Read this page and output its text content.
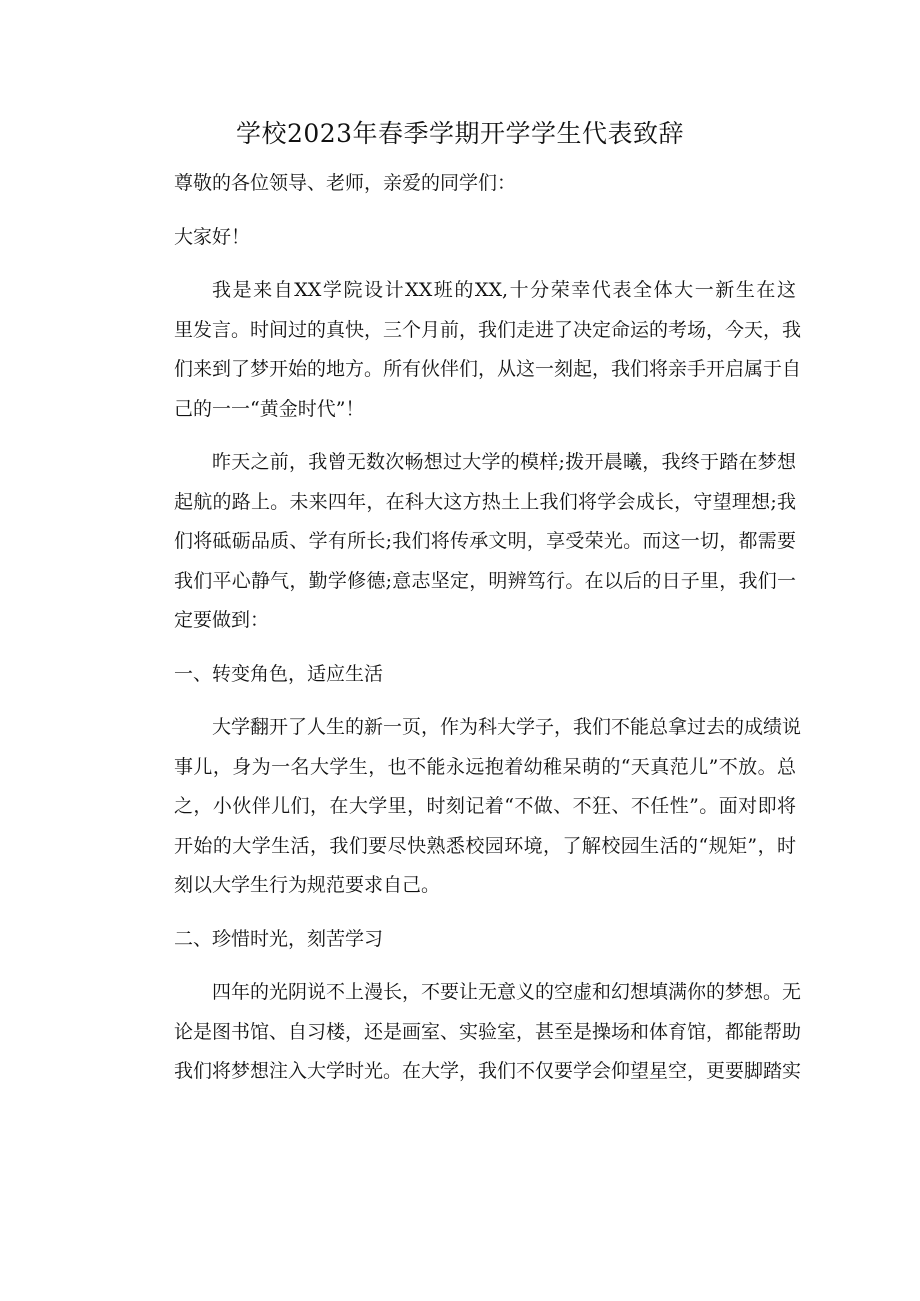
学校2023年春季学期开学学生代表致辞
尊敬的各位领导、老师，亲爱的同学们：
大家好！
我是来自XX学院设计XX班的XX,十分荣幸代表全体大一新生在这
里发言。时间过的真快，三个月前，我们走进了决定命运的考场，今天，我
们来到了梦开始的地方。所有伙伴们，从这一刻起，我们将亲手开启属于自
己的一一“黄金时代”！
昨天之前，我曾无数次畅想过大学的模样;拨开晨曦，我终于踏在梦想
起航的路上。未来四年，在科大这方热土上我们将学会成长，守望理想;我
们将砥砺品质、学有所长;我们将传承文明，享受荣光。而这一切，都需要
我们平心静气，勤学修德;意志坚定，明辨笃行。在以后的日子里，我们一
定要做到：
一、转变角色，适应生活
大学翻开了人生的新一页，作为科大学子，我们不能总拿过去的成绩说
事儿，身为一名大学生，也不能永远抱着幼稚呆萌的“天真范儿”不放。总
之，小伙伴儿们，在大学里，时刻记着“不做、不狂、不任性”。面对即将
开始的大学生活，我们要尽快熟悉校园环境，了解校园生活的“规矩”，时
刻以大学生行为规范要求自己。
二、珍惜时光，刻苦学习
四年的光阴说不上漫长，不要让无意义的空虚和幻想填满你的梦想。无
论是图书馆、自习楼，还是画室、实验室，甚至是操场和体育馆，都能帮助
我们将梦想注入大学时光。在大学，我们不仅要学会仰望星空，更要脚踏实
